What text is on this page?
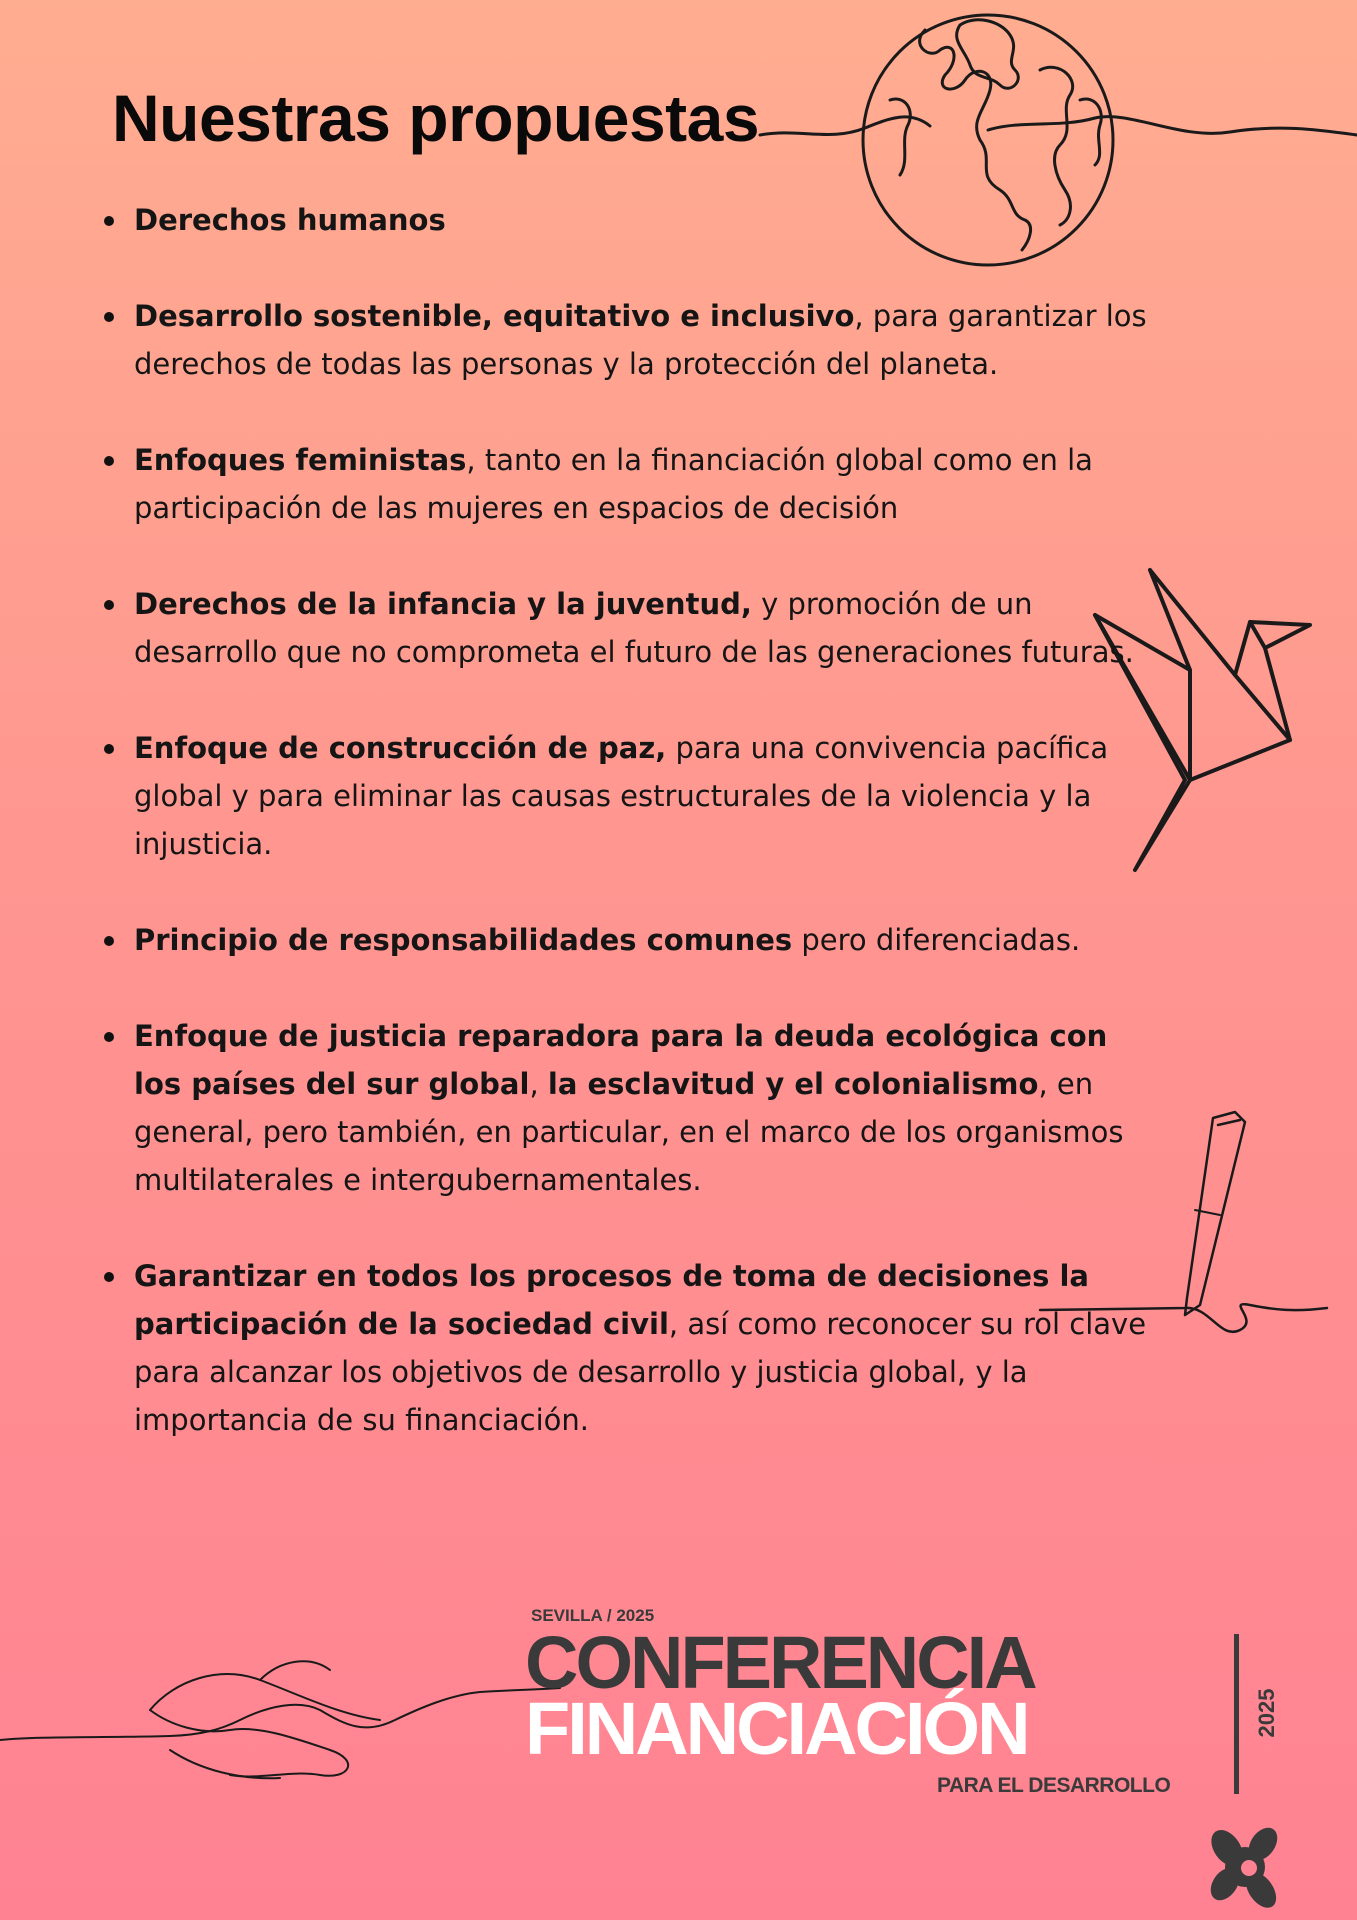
Nuestras propuestas
Derechos humanos
Desarrollo sostenible, equitativo e inclusivo, para garantizar los derechos de todas las personas y la protección del planeta.
Enfoques feministas, tanto en la financiación global como en la participación de las mujeres en espacios de decisión
Derechos de la infancia y la juventud, y promoción de un desarrollo que no comprometa el futuro de las generaciones futuras.
Enfoque de construcción de paz, para una convivencia pacífica global y para eliminar las causas estructurales de la violencia y la injusticia.
Principio de responsabilidades comunes pero diferenciadas.
Enfoque de justicia reparadora para la deuda ecológica con los países del sur global, la esclavitud y el colonialismo, en general, pero también, en particular, en el marco de los organismos multilaterales e intergubernamentales.
Garantizar en todos los procesos de toma de decisiones la participación de la sociedad civil, así como reconocer su rol clave para alcanzar los objetivos de desarrollo y justicia global, y la importancia de su financiación.
SEVILLA / 2025
CONFERENCIA
FINANCIACIÓN
PARA EL DESARROLLO
2025
